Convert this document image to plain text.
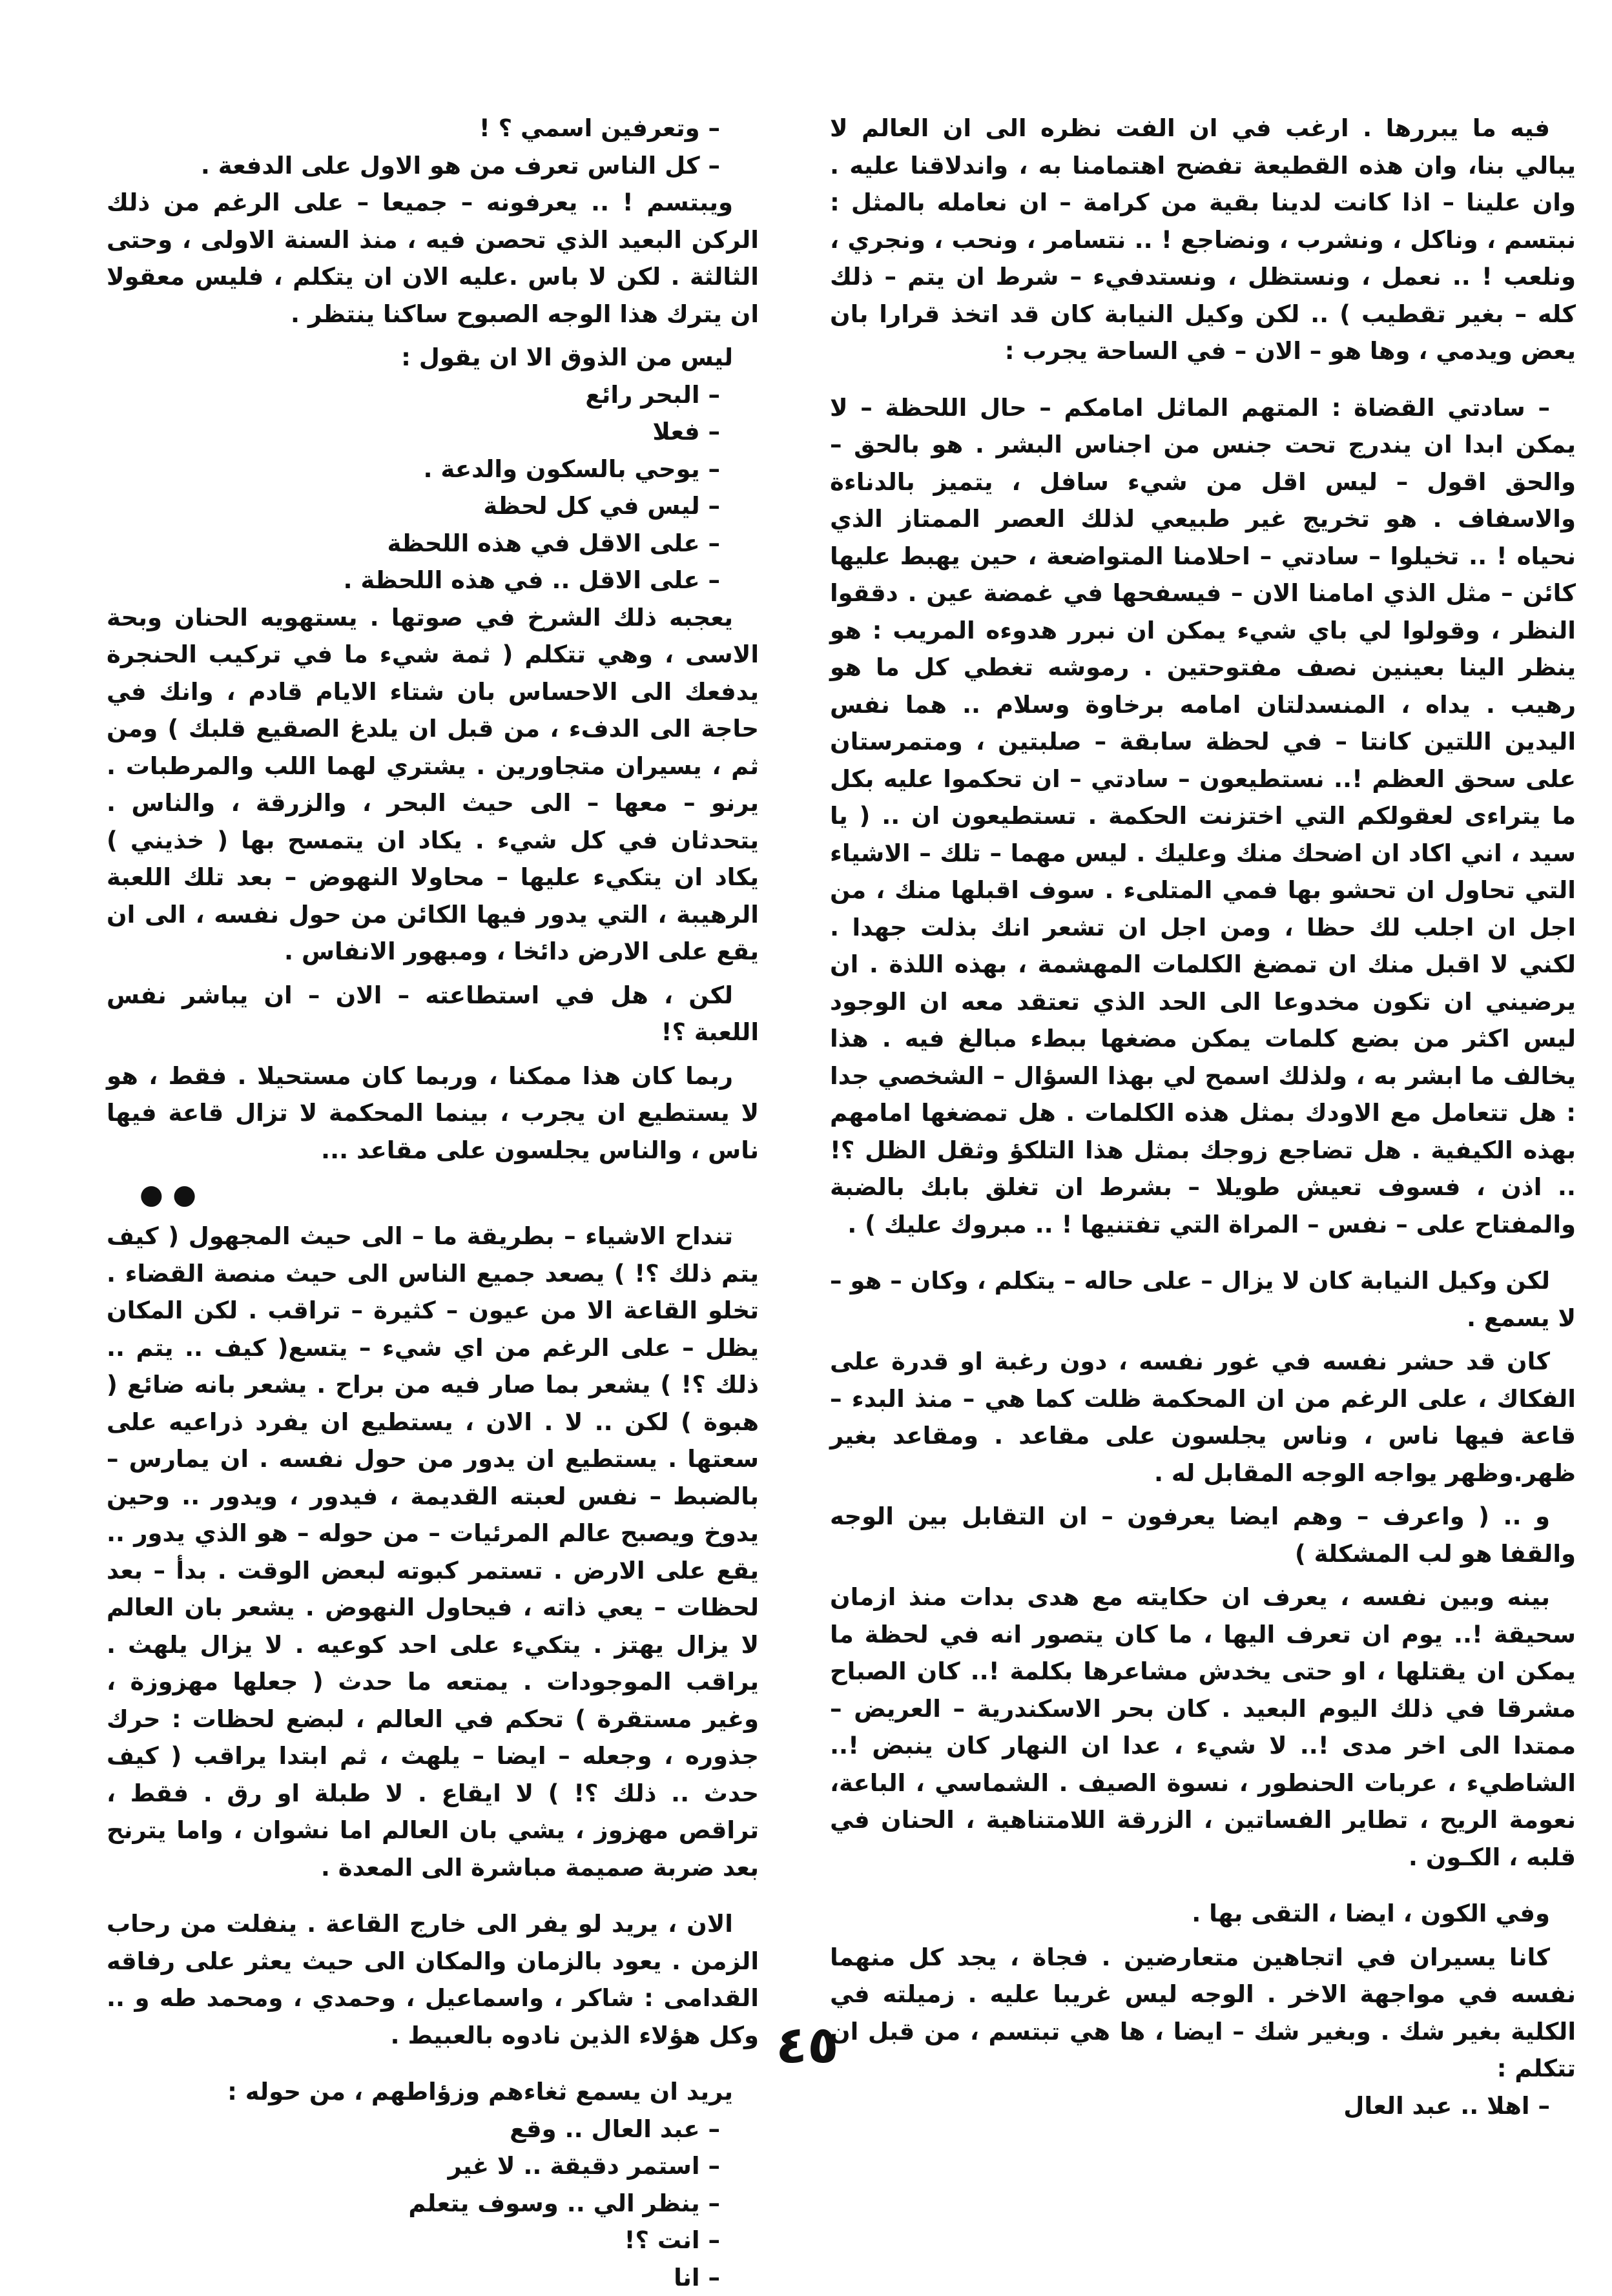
فيه ما يبررها . ارغب في ان الفت نظره الى ان العالم لا يبالي بنا، وان هذه القطيعة تفضح اهتمامنا به ، واندلاقنا عليه . وان علينا – اذا كانت لدينا بقية من كرامة – ان نعامله بالمثل : نبتسم ، وناكل ، ونشرب ، ونضاجع ! .. نتسامر ، ونحب ، ونجري ، ونلعب ! .. نعمل ، ونستظل ، ونستدفيء – شرط ان يتم – ذلك كله – بغير تقطيب ) .. لكن وكيل النيابة كان قد اتخذ قرارا بان يعض ويدمي ، وها هو – الان – في الساحة يجرب :

– سادتي القضاة : المتهم الماثل امامكم – حال اللحظة – لا يمكن ابدا ان يندرج تحت جنس من اجناس البشر . هو بالحق – والحق اقول – ليس اقل من شيء سافل ، يتميز بالدناءة والاسفاف . هو تخريج غير طبيعي لذلك العصر الممتاز الذي نحياه ! .. تخيلوا – سادتي – احلامنا المتواضعة ، حين يهبط عليها كائن – مثل الذي امامنا الان – فيسفحها في غمضة عين . دققوا النظر ، وقولوا لي باي شيء يمكن ان نبرر هدوءه المريب : هو ينظر الينا بعينين نصف مفتوحتين . رموشه تغطي كل ما هو رهيب . يداه ، المنسدلتان امامه برخاوة وسلام .. هما نفس اليدين اللتين كانتا – في لحظة سابقة – صلبتين ، ومتمرستان على سحق العظم !.. نستطيعون – سادتي – ان تحكموا عليه بكل ما يتراءى لعقولكم التي اختزنت الحكمة . تستطيعون ان .. ( يا سيد ، اني اكاد ان اضحك منك وعليك . ليس مهما – تلك – الاشياء التي تحاول ان تحشو بها فمي المتلىء . سوف اقبلها منك ، من اجل ان اجلب لك حظا ، ومن اجل ان تشعر انك بذلت جهدا . لكني لا اقبل منك ان تمضغ الكلمات المهشمة ، بهذه اللذة . ان يرضيني ان تكون مخدوعا الى الحد الذي تعتقد معه ان الوجود ليس اكثر من بضع كلمات يمكن مضغها ببطء مبالغ فيه . هذا يخالف ما ابشر به ، ولذلك اسمح لي بهذا السؤال – الشخصي جدا : هل تتعامل مع الاودك بمثل هذه الكلمات . هل تمضغها امامهم بهذه الكيفية . هل تضاجع زوجك بمثل هذا التلكؤ وثقل الظل ؟! .. اذن ، فسوف تعيش طويلا – بشرط ان تغلق بابك بالضبة والمفتاح على – نفس – المراة التي تفتنيها ! .. مبروك عليك ) .

لكن وكيل النيابة كان لا يزال – على حاله – يتكلم ، وكان – هو – لا يسمع .

كان قد حشر نفسه في غور نفسه ، دون رغبة او قدرة على الفكاك ، على الرغم من ان المحكمة ظلت كما هي – منذ البدء – قاعة فيها ناس ، وناس يجلسون على مقاعد . ومقاعد بغير ظهر.وظهر يواجه الوجه المقابل له .

و .. ( واعرف – وهم ايضا يعرفون – ان التقابل بين الوجه والقفا هو لب المشكلة )

بينه وبين نفسه ، يعرف ان حكايته مع هدى بدات منذ ازمان سحيقة !.. يوم ان تعرف اليها ، ما كان يتصور انه في لحظة ما يمكن ان يقتلها ، او حتى يخدش مشاعرها بكلمة !.. كان الصباح مشرقا في ذلك اليوم البعيد . كان بحر الاسكندرية – العريض – ممتدا الى اخر مدى !.. لا شيء ، عدا ان النهار كان ينبض !.. الشاطيء ، عربات الحنطور ، نسوة الصيف . الشماسي ، الباعة، نعومة الريح ، تطاير الفساتين ، الزرقة اللامتناهية ، الحنان في قلبه ، الكـون .

وفي الكون ، ايضا ، التقى بها .

كانا يسيران في اتجاهين متعارضين . فجاة ، يجد كل منهما نفسه في مواجهة الاخر . الوجه ليس غريبا عليه . زميلته في الكلية بغير شك . وبغير شك – ايضا ، ها هي تبتسم ، من قبل ان تتكلم :

– اهلا .. عبد العال
– وتعرفين اسمي ؟ !
– كل الناس تعرف من هو الاول على الدفعة .

ويبتسم ! .. يعرفونه – جميعا – على الرغم من ذلك الركن البعيد الذي تحصن فيه ، منذ السنة الاولى ، وحتى الثالثة . لكن لا باس .عليه الان ان يتكلم ، فليس معقولا ان يترك هذا الوجه الصبوح ساكنا ينتظر .

ليس من الذوق الا ان يقول :

– البحر رائع
– فعلا
– يوحي بالسكون والدعة .
– ليس في كل لحظة
– على الاقل في هذه اللحظة
– على الاقل .. في هذه اللحظة .

يعجبه ذلك الشرخ في صوتها . يستهويه الحنان وبحة الاسى ، وهي تتكلم ( ثمة شيء ما في تركيب الحنجرة يدفعك الى الاحساس بان شتاء الايام قادم ، وانك في حاجة الى الدفء ، من قبل ان يلدغ الصقيع قلبك ) ومن ثم ، يسيران متجاورين . يشتري لهما اللب والمرطبات . يرنو – معها – الى حيث البحر ، والزرقة ، والناس . يتحدثان في كل شيء . يكاد ان يتمسح بها ( خذيني ) يكاد ان يتكيء عليها – محاولا النهوض – بعد تلك اللعبة الرهيبة ، التي يدور فيها الكائن من حول نفسه ، الى ان يقع على الارض دائخا ، ومبهور الانفاس .

لكن ، هل في استطاعته – الان – ان يباشر نفس اللعبة ؟!

ربما كان هذا ممكنا ، وربما كان مستحيلا . فقط ، هو لا يستطيع ان يجرب ، بينما المحكمة لا تزال قاعة فيها ناس ، والناس يجلسون على مقاعد ...

● ●

تنداح الاشياء – بطريقة ما – الى حيث المجهول ( كيف يتم ذلك ؟! ) يصعد جميع الناس الى حيث منصة القضاء . تخلو القاعة الا من عيون – كثيرة – تراقب . لكن المكان يظل – على الرغم من اي شيء – يتسع( كيف .. يتم .. ذلك ؟! ) يشعر بما صار فيه من براح . يشعر بانه ضائع ( هبوة ) لكن .. لا . الان ، يستطيع ان يفرد ذراعيه على سعتها . يستطيع ان يدور من حول نفسه . ان يمارس – بالضبط – نفس لعبته القديمة ، فيدور ، ويدور .. وحين يدوخ ويصبح عالم المرئيات – من حوله – هو الذي يدور .. يقع على الارض . تستمر كبوته لبعض الوقت . بدأ – بعد لحظات – يعي ذاته ، فيحاول النهوض . يشعر بان العالم لا يزال يهتز . يتكيء على احد كوعيه . لا يزال يلهث . يراقب الموجودات . يمتعه ما حدث ( جعلها مهزوزة ، وغير مستقرة ) تحكم في العالم ، لبضع لحظات : حرك جذوره ، وجعله – ايضا – يلهث ، ثم ابتدا يراقب ( كيف حدث .. ذلك ؟! ) لا ايقاع . لا طبلة او رق . فقط ، تراقص مهزوز ، يشي بان العالم اما نشوان ، واما يترنح بعد ضربة صميمة مباشرة الى المعدة .

الان ، يريد لو يفر الى خارج القاعة . ينفلت من رحاب الزمن . يعود بالزمان والمكان الى حيث يعثر على رفاقه القدامى : شاكر ، واسماعيل ، وحمدي ، ومحمد طه و .. وكل هؤلاء الذين نادوه بالعبيط .

يريد ان يسمع ثغاءهم وزؤاطهم ، من حوله :

– عبد العال .. وقع
– استمر دقيقة .. لا غير
– ينظر الي .. وسوف يتعلم
– انت ؟!
– انا
٤٥
